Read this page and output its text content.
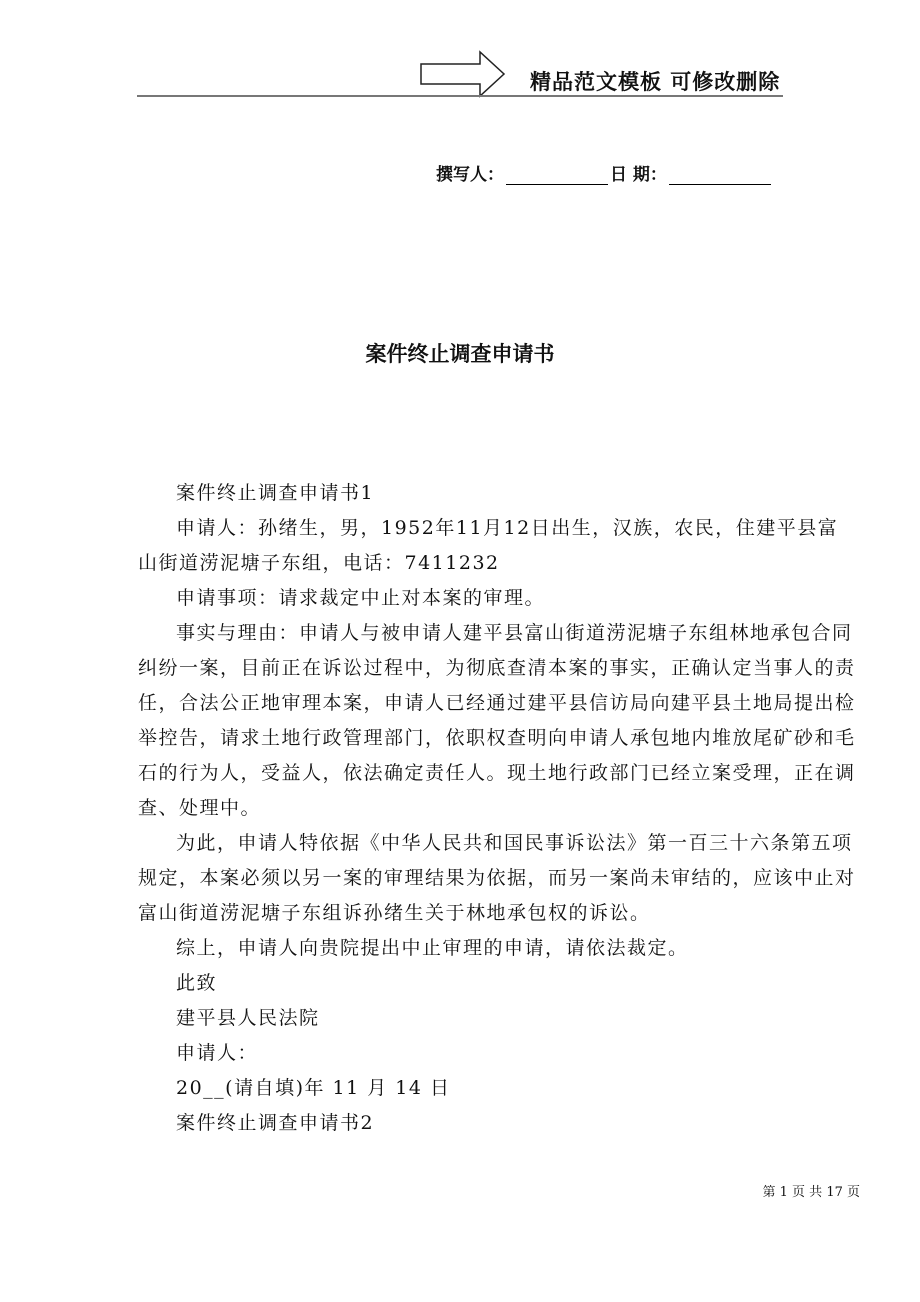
精品范文模板 可修改删除
撰写人：	日 期：
案件终止调查申请书
案件终止调查申请书1
申请人：孙绪生，男，1952年11月12日出生，汉族，农民，住建平县富
山街道涝泥塘子东组，电话：7411232
申请事项：请求裁定中止对本案的审理。
事实与理由：申请人与被申请人建平县富山街道涝泥塘子东组林地承包合同
纠纷一案，目前正在诉讼过程中，为彻底查清本案的事实，正确认定当事人的责
任，合法公正地审理本案，申请人已经通过建平县信访局向建平县土地局提出检
举控告，请求土地行政管理部门，依职权查明向申请人承包地内堆放尾矿砂和毛
石的行为人，受益人，依法确定责任人。现土地行政部门已经立案受理，正在调
查、处理中。
为此，申请人特依据《中华人民共和国民事诉讼法》第一百三十六条第五项
规定，本案必须以另一案的审理结果为依据，而另一案尚未审结的，应该中止对
富山街道涝泥塘子东组诉孙绪生关于林地承包权的诉讼。
综上，申请人向贵院提出中止审理的申请，请依法裁定。
此致
建平县人民法院
申请人：
20__(请自填)年 11 月 14 日
案件终止调查申请书2
第 1 页 共 17 页
